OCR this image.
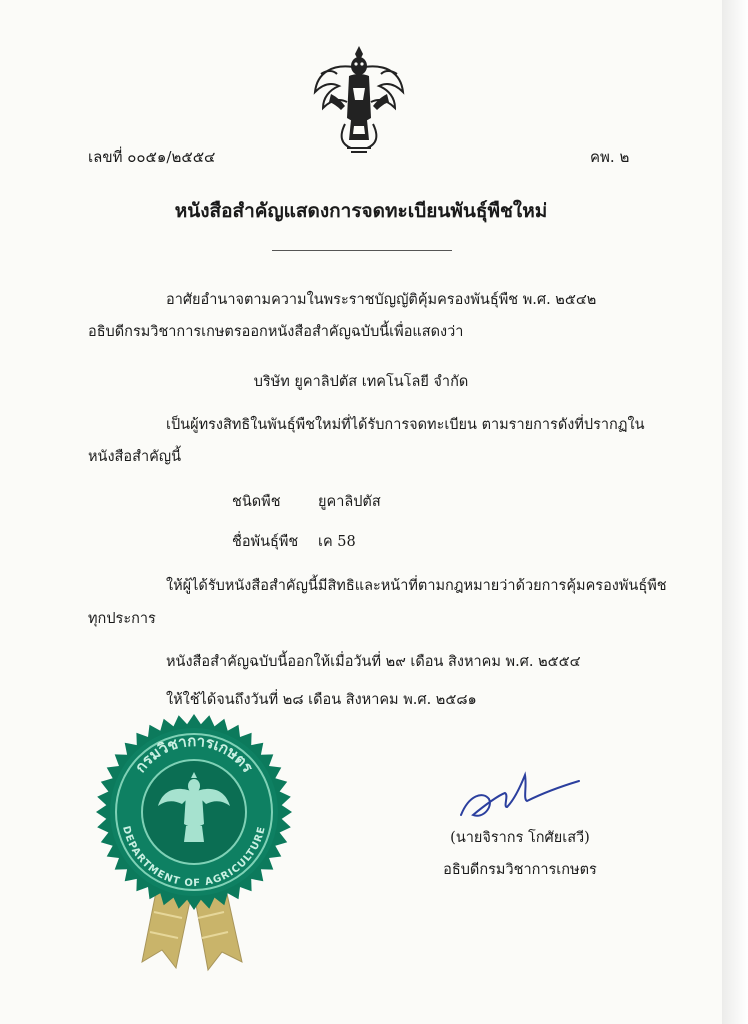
เลขที่ ๐๐๕๑/๒๕๕๔	คพ. ๒
หนังสือสำคัญแสดงการจดทะเบียนพันธุ์พืชใหม่
อาศัยอำนาจตามความในพระราชบัญญัติคุ้มครองพันธุ์พืช พ.ศ. ๒๕๔๒
อธิบดีกรมวิชาการเกษตรออกหนังสือสำคัญฉบับนี้เพื่อแสดงว่า
บริษัท ยูคาลิปตัส เทคโนโลยี จำกัด
เป็นผู้ทรงสิทธิในพันธุ์พืชใหม่ที่ได้รับการจดทะเบียน ตามรายการดังที่ปรากฏใน
หนังสือสำคัญนี้
ชนิดพืช	ยูคาลิปตัส
ชื่อพันธุ์พืช เค 58
ให้ผู้ได้รับหนังสือสำคัญนี้มีสิทธิและหน้าที่ตามกฎหมายว่าด้วยการคุ้มครองพันธุ์พืช
ทุกประการ
หนังสือสำคัญฉบับนี้ออกให้เมื่อวันที่ ๒๙ เดือน สิงหาคม พ.ศ. ๒๕๕๔
ให้ใช้ได้จนถึงวันที่ ๒๘ เดือน สิงหาคม พ.ศ. ๒๕๘๑
กรมวิชาการเกษตร
DEPARTMENT OF AGRICULTURE	(นายจิรากร โกศัยเสวี)
อธิบดีกรมวิชาการเกษตร
